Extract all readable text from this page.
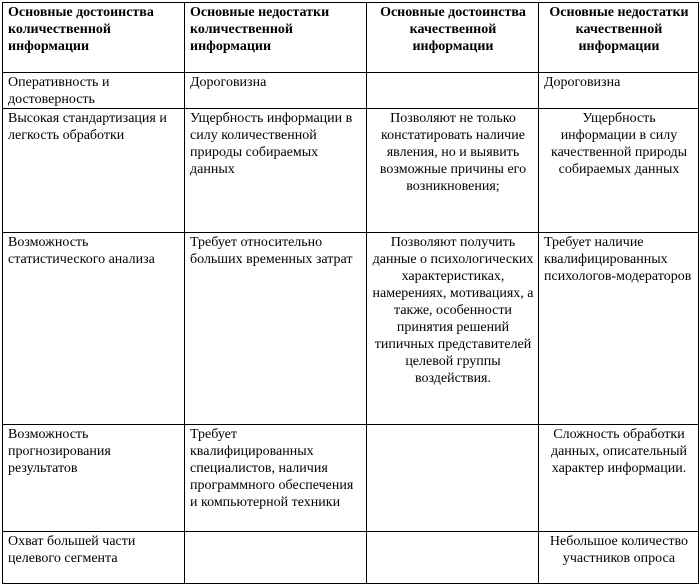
Основные достоинства количественной информации	Основные недостатки количественной информации	Основные достоинства качественной информации	Основные недостатки качественной информации

Оперативность и достоверность	Дороговизна		Дороговизна

Высокая стандартизация и легкость обработки	Ущербность информации в силу количественной природы собираемых данных	Позволяют не только констатировать наличие явления, но и выявить возможные причины его возникновения;	Ущербность информации в силу качественной природы собираемых данных

Возможность статистического анализа	Требует относительно больших временных затрат	Позволяют получить данные о психологических характеристиках, намерениях, мотивациях, а также, особенности принятия решений типичных представителей целевой группы воздействия.	Требует наличие квалифицированных психологов-модераторов

Возможность прогнозирования результатов	Требует квалифицированных специалистов, наличия программного обеспечения и компьютерной техники		Сложность обработки данных, описательный характер информации.

Охват большей части целевого сегмента			Небольшое количество участников опроса
